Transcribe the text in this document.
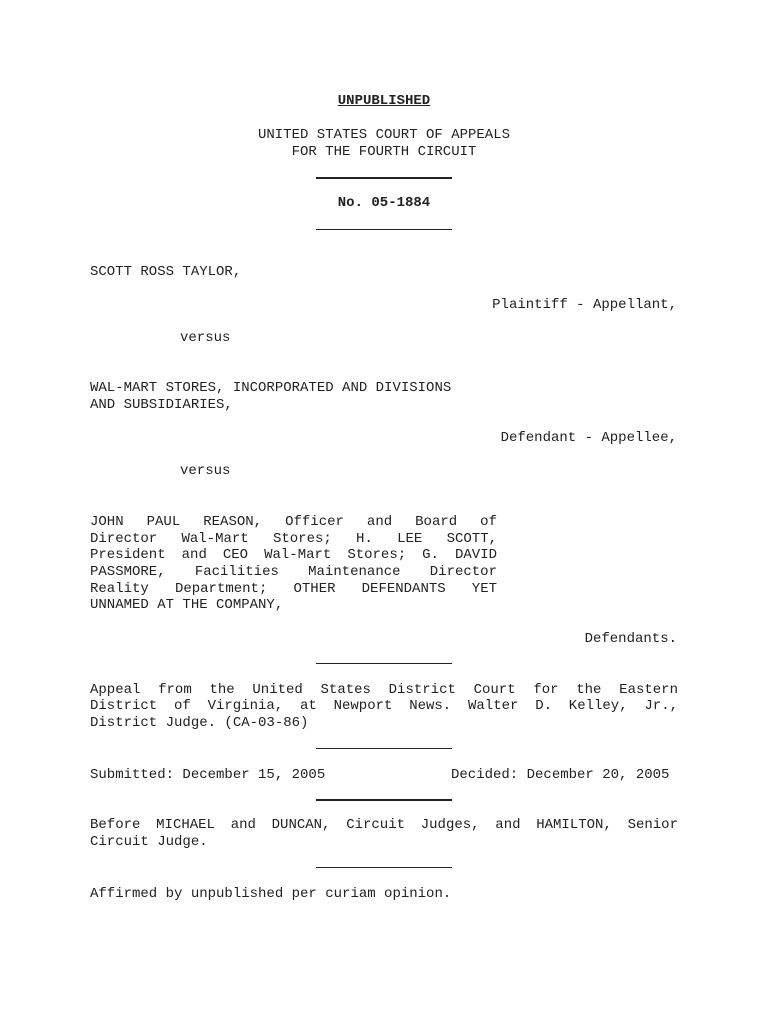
UNPUBLISHED
UNITED STATES COURT OF APPEALS
FOR THE FOURTH CIRCUIT
No. 05-1884
SCOTT ROSS TAYLOR,
Plaintiff - Appellant,
versus
WAL-MART STORES, INCORPORATED AND DIVISIONS
AND SUBSIDIARIES,
Defendant - Appellee,
versus
JOHN PAUL REASON, Officer and Board of
Director Wal-Mart Stores; H. LEE SCOTT,
President and CEO Wal-Mart Stores; G. DAVID
PASSMORE, Facilities Maintenance Director
Reality Department; OTHER DEFENDANTS YET
UNNAMED AT THE COMPANY,
Defendants.
Appeal from the United States District Court for the Eastern
District of Virginia, at Newport News. Walter D. Kelley, Jr.,
District Judge. (CA-03-86)
Submitted: December 15, 2005	Decided: December 20, 2005
Before MICHAEL and DUNCAN, Circuit Judges, and HAMILTON, Senior
Circuit Judge.
Affirmed by unpublished per curiam opinion.
